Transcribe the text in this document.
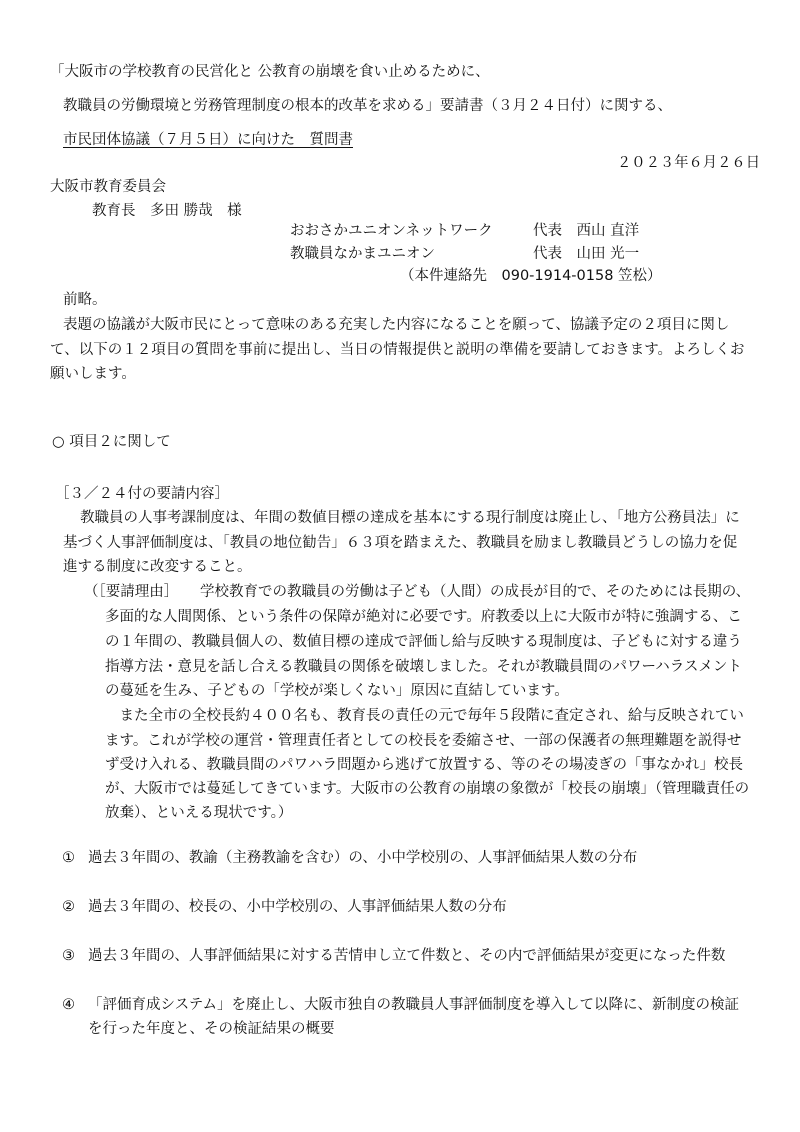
「大阪市の学校教育の民営化と 公教育の崩壊を食い止めるために、
教職員の労働環境と労務管理制度の根本的改革を求める」要請書（３月２４日付）に関する、
市民団体協議（７月５日）に向けた　質問書
２０２３年６月２６日
大阪市教育委員会
教育長　多田 勝哉　様
おおさかユニオンネットワーク	代表　西山 直洋
教職員なかまユニオン	代表　山田 光一
（本件連絡先　090-1914-0158 笠松）
前略。
表題の協議が大阪市民にとって意味のある充実した内容になることを願って、協議予定の２項目に関し
て、以下の１２項目の質問を事前に提出し、当日の情報提供と説明の準備を要請しておきます。よろしくお
願いします。
○ 項目２に関して
［３／２４付の要請内容］
教職員の人事考課制度は、年間の数値目標の達成を基本にする現行制度は廃止し、「地方公務員法」に
基づく人事評価制度は、「教員の地位勧告」６３項を踏まえた、教職員を励まし教職員どうしの協力を促
進する制度に改変すること。
（［要請理由］　　学校教育での教職員の労働は子ども（人間）の成長が目的で、そのためには長期の、
多面的な人間関係、という条件の保障が絶対に必要です。府教委以上に大阪市が特に強調する、こ
の１年間の、教職員個人の、数値目標の達成で評価し給与反映する現制度は、子どもに対する違う
指導方法・意見を話し合える教職員の関係を破壊しました。それが教職員間のパワーハラスメント
の蔓延を生み、子どもの「学校が楽しくない」原因に直結しています。
　また全市の全校長約４００名も、教育長の責任の元で毎年５段階に査定され、給与反映されてい
ます。これが学校の運営・管理責任者としての校長を委縮させ、一部の保護者の無理難題を説得せ
ず受け入れる、教職員間のパワハラ問題から逃げて放置する、等のその場凌ぎの「事なかれ」校長
が、大阪市では蔓延してきています。大阪市の公教育の崩壊の象徴が「校長の崩壊」（管理職責任の
放棄）、といえる現状です。）
① 過去３年間の、教諭（主務教諭を含む）の、小中学校別の、人事評価結果人数の分布
② 過去３年間の、校長の、小中学校別の、人事評価結果人数の分布
③ 過去３年間の、人事評価結果に対する苦情申し立て件数と、その内で評価結果が変更になった件数
④ 「評価育成システム」を廃止し、大阪市独自の教職員人事評価制度を導入して以降に、新制度の検証
を行った年度と、その検証結果の概要
